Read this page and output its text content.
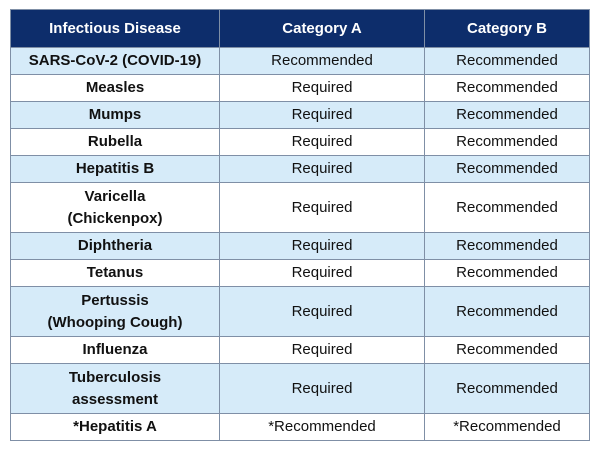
Infectious Disease	Category A	Category B
SARS-CoV-2 (COVID-19)	Recommended	Recommended
Measles	Required	Recommended
Mumps	Required	Recommended
Rubella	Required	Recommended
Hepatitis B	Required	Recommended
Varicella
(Chickenpox)	Required	Recommended
Diphtheria	Required	Recommended
Tetanus	Required	Recommended
Pertussis
(Whooping Cough)	Required	Recommended
Influenza	Required	Recommended
Tuberculosis
assessment	Required	Recommended
*Hepatitis A	*Recommended	*Recommended
